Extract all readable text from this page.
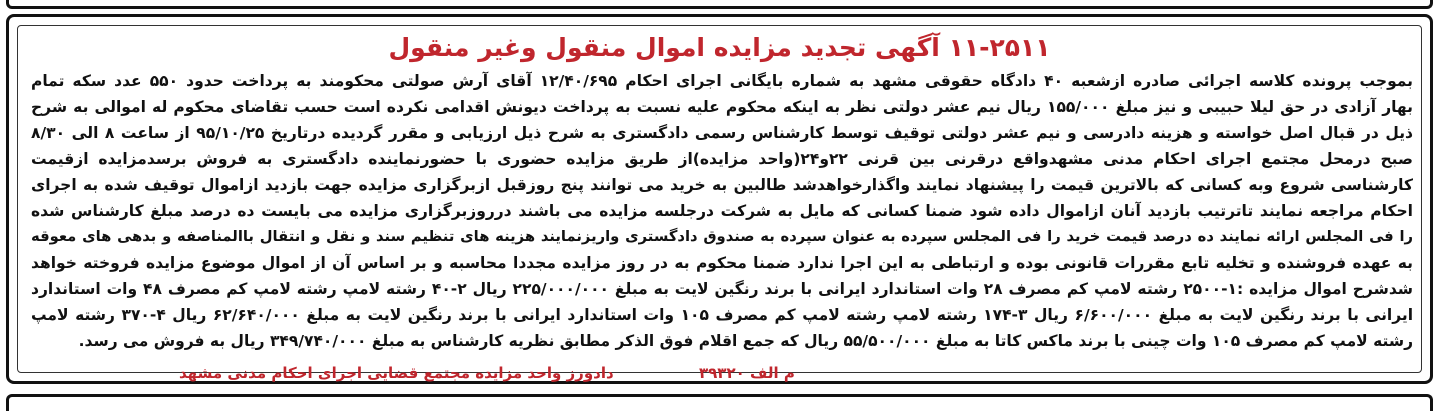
۱۱-۲۵۱۱ آگهی تجدید مزایده اموال منقول وغیر منقول
بموجب پرونده کلاسه اجرائی صادره ازشعبه ۴۰ دادگاه حقوقی مشهد به شماره بایگانی اجرای احکام ۱۲/۴۰/۶۹۵ آقای آرش صولتی محکومند به پرداخت حدود ۵۵۰ عدد سکه تمام
بهار آزادی در حق لیلا حبیبی و نیز مبلغ ۱۵۵/۰۰۰ ریال نیم عشر دولتی نظر به اینکه محکوم علیه نسبت به پرداخت دیونش اقدامی نکرده است حسب تقاضای محکوم له اموالی به شرح
ذیل در قبال اصل خواسته و هزینه دادرسی و نیم عشر دولتی توقیف توسط کارشناس رسمی دادگستری به شرح ذیل ارزیابی و مقرر گردیده درتاریخ ۹۵/۱۰/۲۵ از ساعت ۸ الی ۸/۳۰
صبح درمحل مجتمع اجرای احکام مدنی مشهدواقع درقرنی بین قرنی ۲۲و۲۴(واحد مزایده)از طریق مزایده حضوری با حضورنماینده دادگستری به فروش برسدمزایده ازقیمت
کارشناسی شروع وبه کسانی که بالاترین قیمت را پیشنهاد نمایند واگذارخواهدشد طالبین به خرید می توانند پنج روزقبل ازبرگزاری مزایده جهت بازدید ازاموال توقیف شده به اجرای
احکام مراجعه نمایند تاترتیب بازدید آنان ازاموال داده شود ضمنا کسانی که مایل به شرکت درجلسه مزایده می باشند درروزبرگزاری مزایده می بایست ده درصد مبلغ کارشناس شده
را فی المجلس ارائه نمایند ده درصد قیمت خرید را فی المجلس سپرده به عنوان سپرده به صندوق دادگستری واریزنمایند هزینه های تنظیم سند و نقل و انتقال باالمناصفه و بدهی های معوقه
به عهده فروشنده و تخلیه تابع مقررات قانونی بوده و ارتباطی به این اجرا ندارد ضمنا محکوم به در روز مزایده مجددا محاسبه و بر اساس آن از اموال موضوع مزایده فروخته خواهد
شدشرح اموال مزایده :۱-۲۵۰۰ رشته لامپ کم مصرف ۲۸ وات استاندارد ایرانی با برند رنگین لایت به مبلغ ۲۲۵/۰۰۰/۰۰۰ ریال ۲-۴۰ رشته لامپ رشته لامپ کم مصرف ۴۸ وات استاندارد
ایرانی با برند رنگین لایت به مبلغ ۶/۶۰۰/۰۰۰ ریال ۳-۱۷۴ رشته لامپ رشته لامپ کم مصرف ۱۰۵ وات استاندارد ایرانی با برند رنگین لایت به مبلغ ۶۲/۶۴۰/۰۰۰ ریال ۴-۳۷۰ رشته لامپ
رشته لامپ کم مصرف ۱۰۵ وات چینی با برند ماکس کاتا به مبلغ ۵۵/۵۰۰/۰۰۰ ریال که جمع اقلام فوق الذکر مطابق نظریه کارشناس به مبلغ ۳۴۹/۷۴۰/۰۰۰ ریال به فروش می رسد.
م الف ۳۹۳۲۰
دادورز واحد مزایده مجتمع قضایی اجرای احکام مدنی مشهد
